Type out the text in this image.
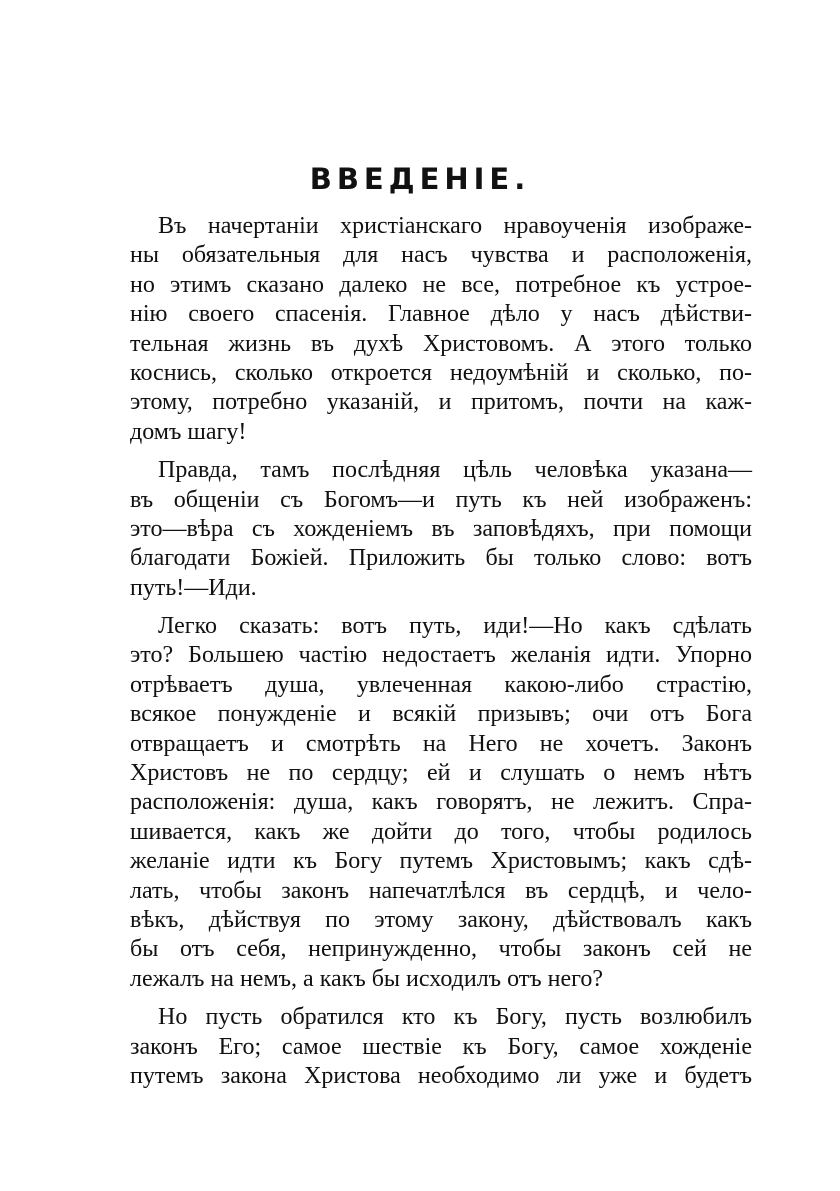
ВВЕДЕНІЕ.
Въ начертаніи христіанскаго нравоученія изображе-
ны обязательныя для насъ чувства и расположенія,
но этимъ сказано далеко не все, потребное къ устрое-
нію своего спасенія. Главное дѣло у насъ дѣйстви-
тельная жизнь въ духѣ Христовомъ. А этого только
коснись, сколько откроется недоумѣній и сколько, по-
этому, потребно указаній, и притомъ, почти на каж-
домъ шагу!
Правда, тамъ послѣдняя цѣль человѣка указана—
въ общеніи съ Богомъ—и путь къ ней изображенъ:
это—вѣра съ хожденіемъ въ заповѣдяхъ, при помощи
благодати Божіей. Приложить бы только слово: вотъ
путь!—Иди.
Легко сказать: вотъ путь, иди!—Но какъ сдѣлать
это? Большею частію недостаетъ желанія идти. Упорно
отрѣваетъ душа, увлеченная какою-либо страстію,
всякое понужденіе и всякій призывъ; очи отъ Бога
отвращаетъ и смотрѣть на Него не хочетъ. Законъ
Христовъ не по сердцу; ей и слушать о немъ нѣтъ
расположенія: душа, какъ говорятъ, не лежитъ. Спра-
шивается, какъ же дойти до того, чтобы родилось
желаніе идти къ Богу путемъ Христовымъ; какъ сдѣ-
лать, чтобы законъ напечатлѣлся въ сердцѣ, и чело-
вѣкъ, дѣйствуя по этому закону, дѣйствовалъ какъ
бы отъ себя, непринужденно, чтобы законъ сей не
лежалъ на немъ, а какъ бы исходилъ отъ него?
Но пусть обратился кто къ Богу, пусть возлюбилъ
законъ Его; самое шествіе къ Богу, самое хожденіе
путемъ закона Христова необходимо ли уже и будетъ
